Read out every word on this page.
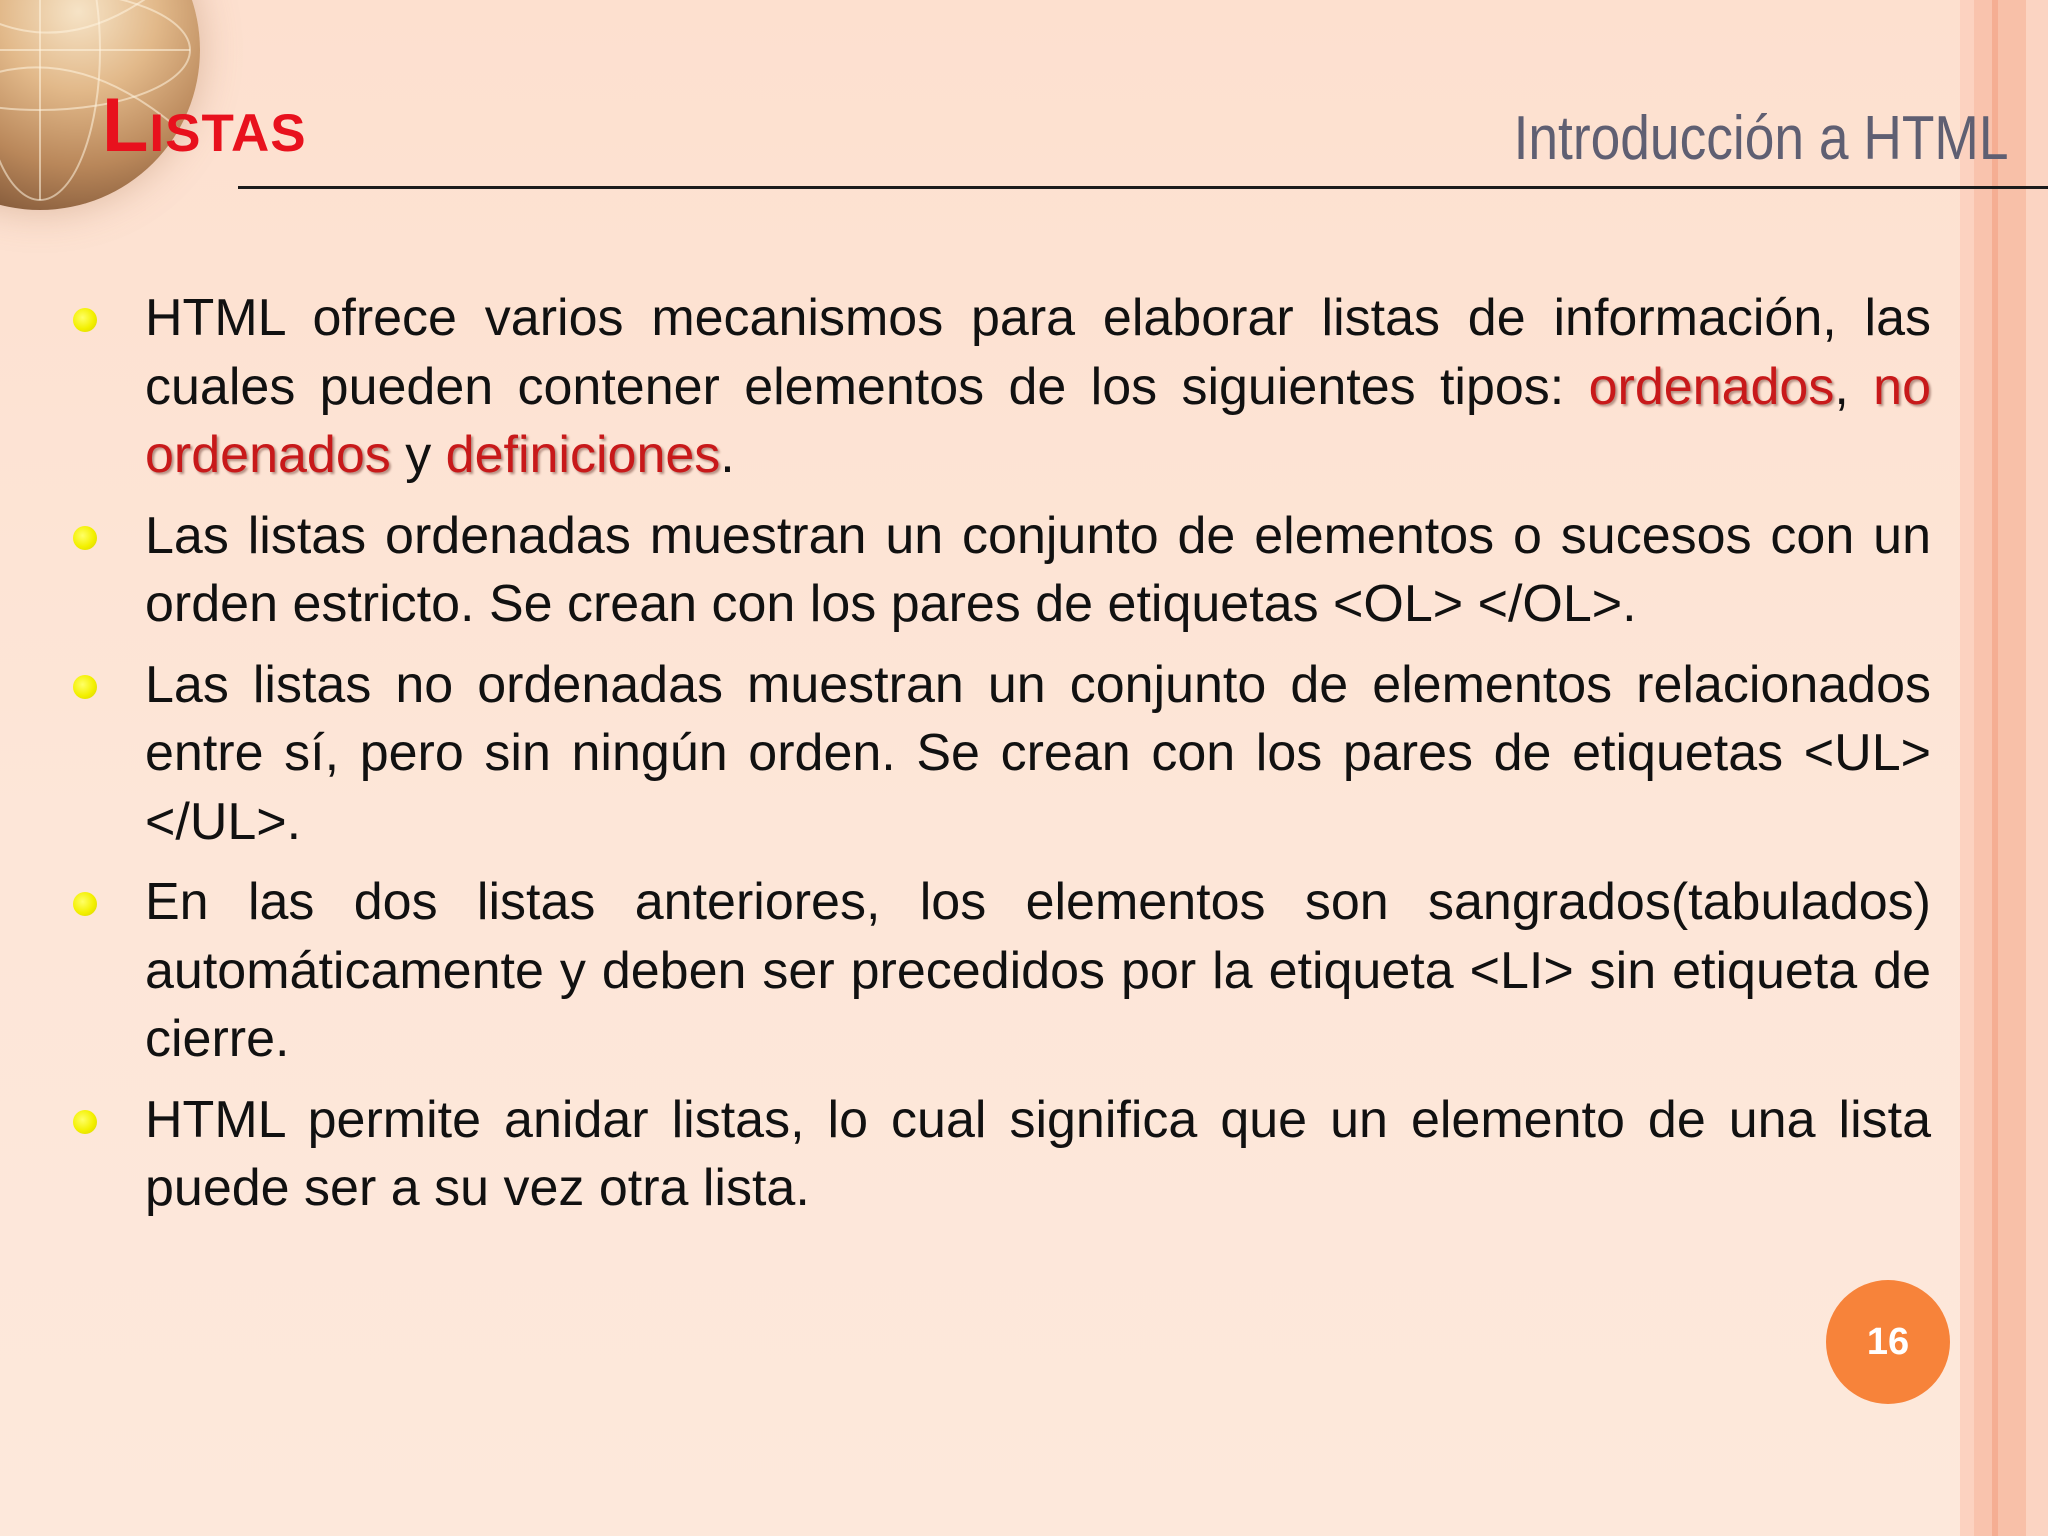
Listas	Introducción a HTML
HTML ofrece varios mecanismos para elaborar listas de información, las cuales pueden contener elementos de los siguientes tipos: ordenados, no ordenados y definiciones.
Las listas ordenadas muestran un conjunto de elementos o sucesos con un orden estricto. Se crean con los pares de etiquetas <OL> </OL>.
Las listas no ordenadas muestran un conjunto de elementos relacionados entre sí, pero sin ningún orden. Se crean con los pares de etiquetas <UL> </UL>.
En las dos listas anteriores, los elementos son sangrados(tabulados) automáticamente y deben ser precedidos por la etiqueta <LI> sin etiqueta de cierre.
HTML permite anidar listas, lo cual significa que un elemento de una lista puede ser a su vez otra lista.
16
